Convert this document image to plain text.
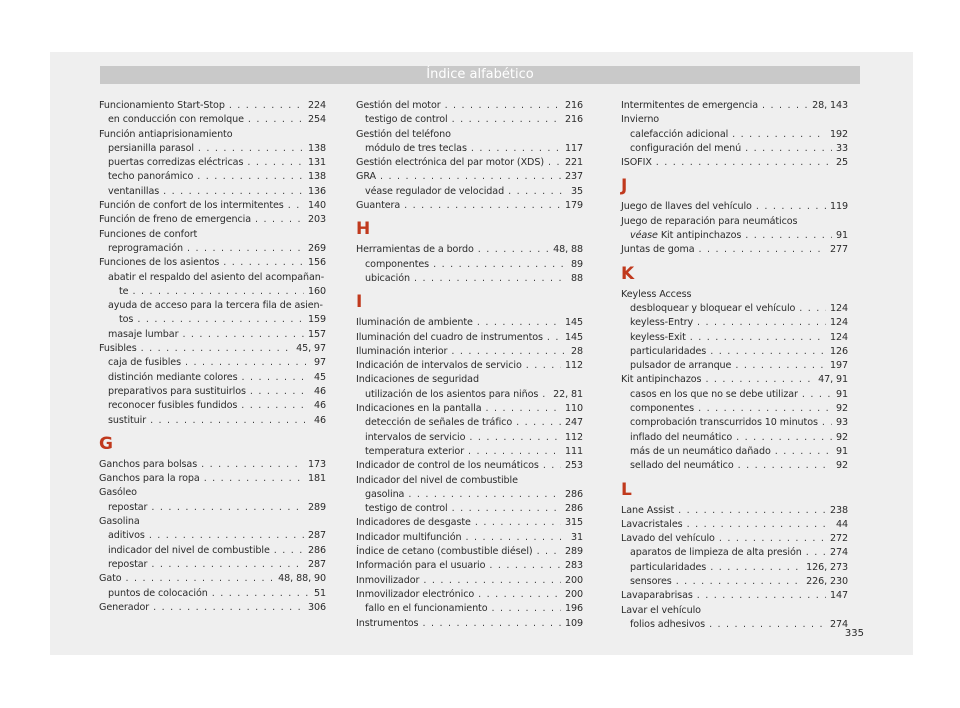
Índice alfabético
Funcionamiento Start-Stop . . .	224
en conducción con remolque . . .	254
Función antiaprisionamiento
persianilla parasol . . .	138
puertas corredizas eléctricas . . .	131
techo panorámico . . .	138
ventanillas . . .	136
Función de confort de los intermitentes . . .	140
Función de freno de emergencia . . .	203
Funciones de confort
reprogramación . . .	269
Funciones de los asientos . . .	156
abatir el respaldo del asiento del acompañan-
te . . .	160
ayuda de acceso para la tercera fila de asien-
tos . . .	159
masaje lumbar . . .	157
Fusibles . . .	45, 97
caja de fusibles . . .	97
distinción mediante colores . . .	45
preparativos para sustituirlos . . .	46
reconocer fusibles fundidos . . .	46
sustituir . . .	46
G
Ganchos para bolsas . . .	173
Ganchos para la ropa . . .	181
Gasóleo
repostar . . .	289
Gasolina
aditivos . . .	287
indicador del nivel de combustible . . .	286
repostar . . .	287
Gato . . .	48, 88, 90
puntos de colocación . . .	51
Generador . . .	306
Gestión del motor . . .	216
testigo de control . . .	216
Gestión del teléfono
módulo de tres teclas . . .	117
Gestión electrónica del par motor (XDS) . . . 221
GRA . . .	237
véase regulador de velocidad . . .	35
Guantera . . .	179
H
Herramientas de a bordo . . .	48, 88
componentes . . .	89
ubicación . . .	88
I
Iluminación de ambiente . . .	145
Iluminación del cuadro de instrumentos . . . 145
Iluminación interior . . .	28
Indicación de intervalos de servicio . . .	112
Indicaciones de seguridad
utilización de los asientos para niños . . . 22, 81
Indicaciones en la pantalla . . .	110
detección de señales de tráfico . . .	247
intervalos de servicio . . .	112
temperatura exterior . . .	111
Indicador de control de los neumáticos . . .	253
Indicador del nivel de combustible
gasolina . . .	286
testigo de control . . .	286
Indicadores de desgaste . . .	315
Indicador multifunción . . .	31
Índice de cetano (combustible diésel) . . .	289
Información para el usuario . . .	283
Inmovilizador . . .	200
Inmovilizador electrónico . . .	200
fallo en el funcionamiento . . .	196
Instrumentos . . .	109
Intermitentes de emergencia . . .	28, 143
Invierno
calefacción adicional . . .	192
configuración del menú . . .	33
ISOFIX . . .	25
J
Juego de llaves del vehículo . . .	119
Juego de reparación para neumáticos
véase Kit antipinchazos . . .	91
Juntas de goma . . .	277
K
Keyless Access
desbloquear y bloquear el vehículo . . .	124
keyless-Entry . . .	124
keyless-Exit . . .	124
particularidades . . .	126
pulsador de arranque . . .	197
Kit antipinchazos . . .	47, 91
casos en los que no se debe utilizar . . .	91
componentes . . .	92
comprobación transcurridos 10 minutos . . . 93
inflado del neumático . . .	92
más de un neumático dañado . . .	91
sellado del neumático . . .	92
L
Lane Assist . . .	238
Lavacristales . . .	44
Lavado del vehículo . . .	272
aparatos de limpieza de alta presión . . .	274
particularidades . . .	126, 273
sensores . . .	226, 230
Lavaparabrisas . . .	147
Lavar el vehículo
folios adhesivos . . .	274
335
